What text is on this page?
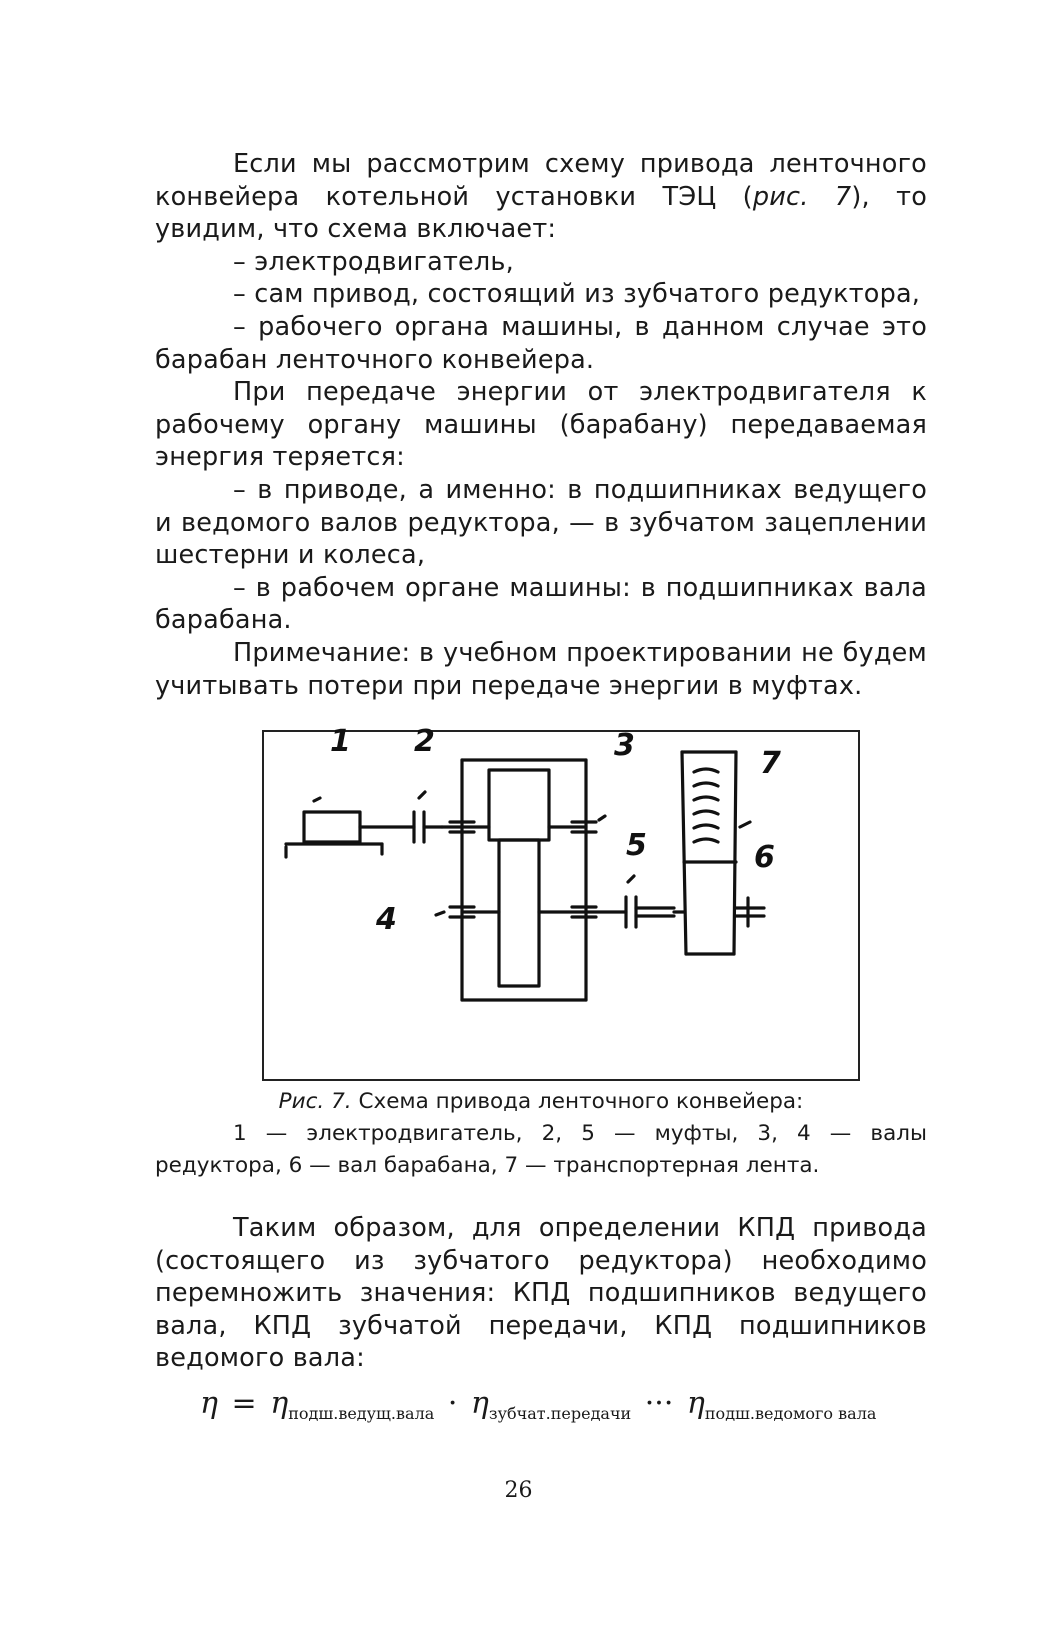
Если мы рассмотрим схему привода ленточного конвейера котельной установки ТЭЦ (рис. 7), то увидим, что схема включает:

– электродвигатель,

– сам привод, состоящий из зубчатого редуктора,

– рабочего органа машины, в данном случае это барабан ленточного конвейера.

При передаче энергии от электродвигателя к рабочему органу машины (барабану) передаваемая энергия теряется:

– в приводе, а именно: в подшипниках ведущего и ведомого валов редуктора, — в зубчатом зацеплении шестерни и колеса,

– в рабочем органе машины: в подшипниках вала барабана.

Примечание: в учебном проектировании не будем учитывать потери при передаче энергии в муфтах.

1 2	3
4
5	6
7

Рис. 7. Схема привода ленточного конвейера:

1 — электродвигатель, 2, 5 — муфты, 3, 4 — валы редуктора, 6 — вал барабана, 7 — транспортерная лента.

Таким образом, для определении КПД привода (состоящего из зубчатого редуктора) необходимо перемножить значения: КПД подшипников ведущего вала, КПД зубчатой передачи, КПД подшипников ведомого вала:

$\eta = \eta_{подш.ведущ.вала} \cdot \eta_{зубчат.передачи}$ ··· $\eta_{подш.ведомого вала}$
26
